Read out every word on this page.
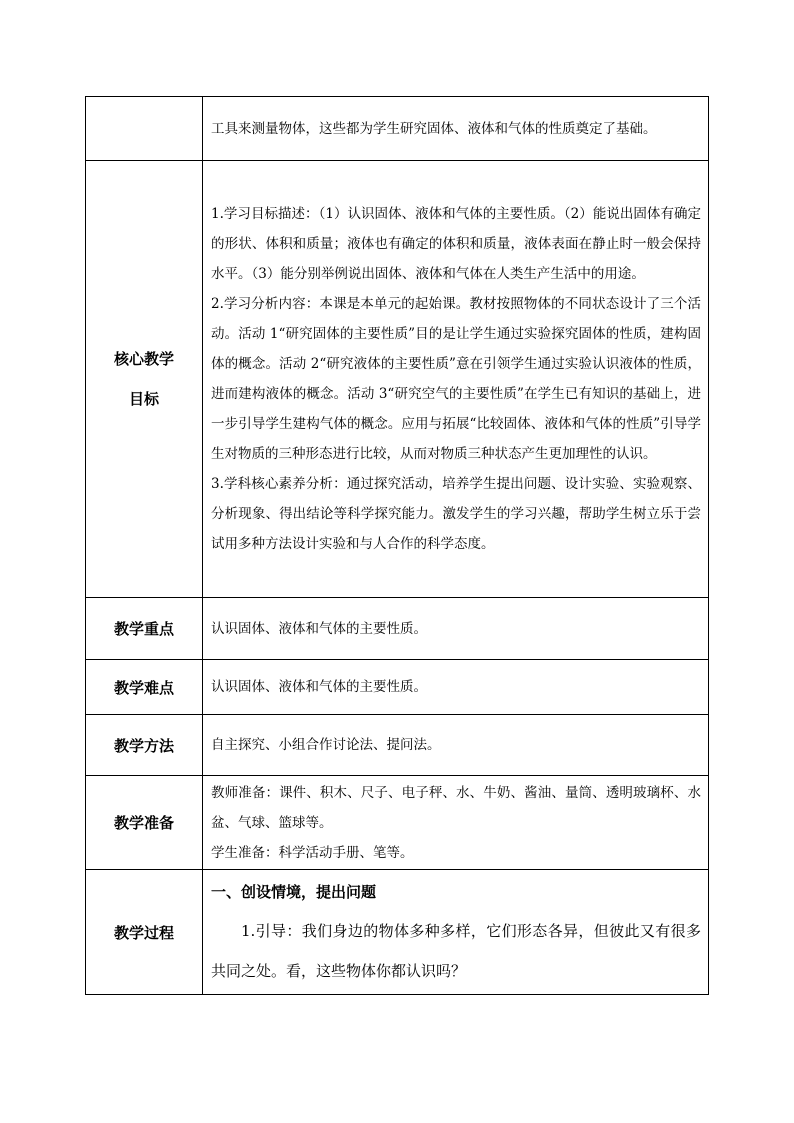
	工具来测量物体，这些都为学生研究固体、液体和气体的性质奠定了基础。

核心教学目标	1.学习目标描述：（1）认识固体、液体和气体的主要性质。（2）能说出固体有确定的形状、体积和质量；液体也有确定的体积和质量，液体表面在静止时一般会保持水平。（3）能分别举例说出固体、液体和气体在人类生产生活中的用途。

2.学习分析内容：本课是本单元的起始课。教材按照物体的不同状态设计了三个活动。活动 1“研究固体的主要性质”目的是让学生通过实验探究固体的性质，建构固体的概念。活动 2“研究液体的主要性质”意在引领学生通过实验认识液体的性质，进而建构液体的概念。活动 3“研究空气的主要性质”在学生已有知识的基础上，进一步引导学生建构气体的概念。应用与拓展“比较固体、液体和气体的性质”引导学生对物质的三种形态进行比较，从而对物质三种状态产生更加理性的认识。

3.学科核心素养分析：通过探究活动，培养学生提出问题、设计实验、实验观察、分析现象、得出结论等科学探究能力。激发学生的学习兴趣，帮助学生树立乐于尝试用多种方法设计实验和与人合作的科学态度。

教学重点	认识固体、液体和气体的主要性质。

教学难点	认识固体、液体和气体的主要性质。

教学方法	自主探究、小组合作讨论法、提问法。

教学准备	教师准备：课件、积木、尺子、电子秤、水、牛奶、酱油、量筒、透明玻璃杯、水盆、气球、篮球等。

学生准备：科学活动手册、笔等。

教学过程	一、创设情境，提出问题

1.引导：我们身边的物体多种多样，它们形态各异，但彼此又有很多共同之处。看，这些物体你都认识吗？
